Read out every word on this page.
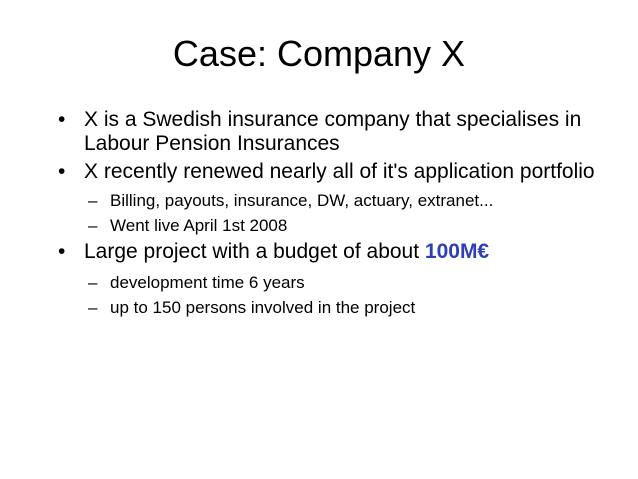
Case: Company X
• X is a Swedish insurance company that specialises in Labour Pension Insurances
• X recently renewed nearly all of it's application portfolio
– Billing, payouts, insurance, DW, actuary, extranet...
– Went live April 1st 2008
• Large project with a budget of about 100M€
– development time 6 years
– up to 150 persons involved in the project
